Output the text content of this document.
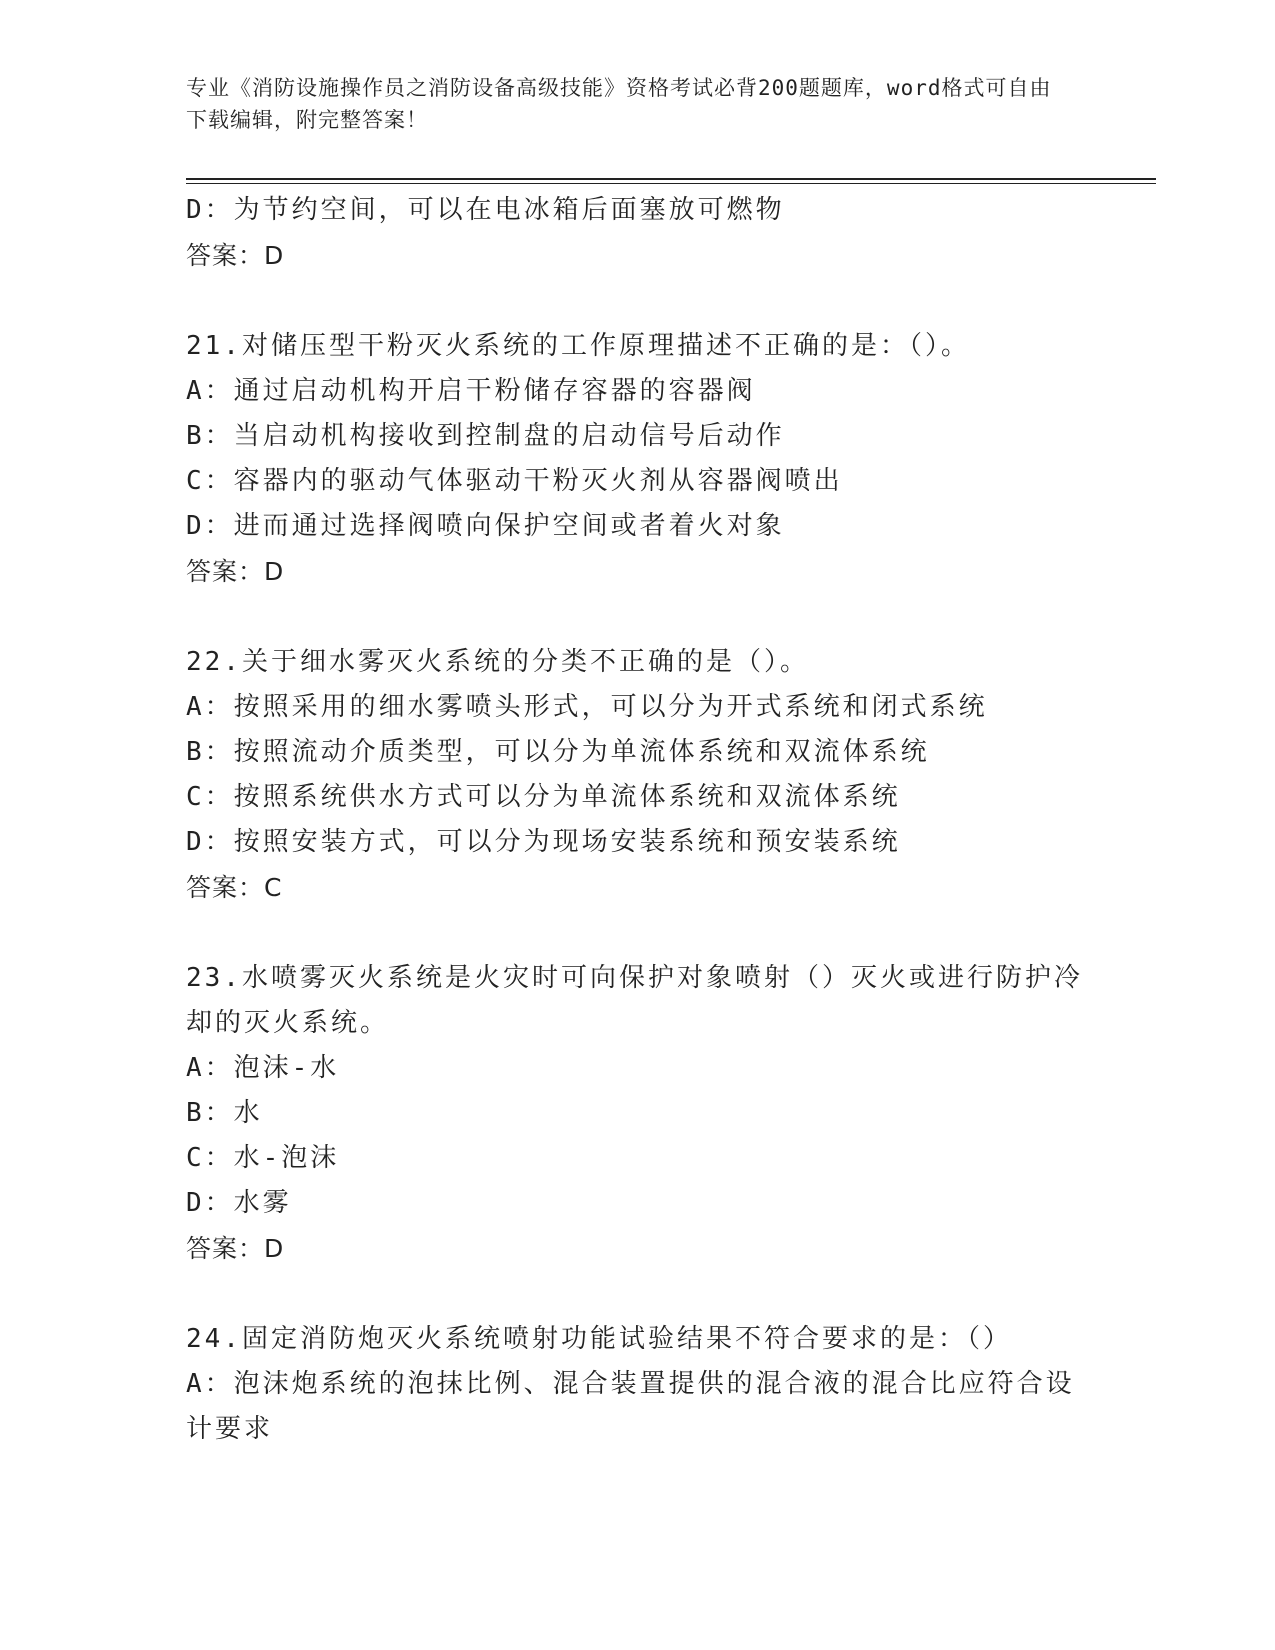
专业《消防设施操作员之消防设备高级技能》资格考试必背200题题库，word格式可自由下载编辑，附完整答案！
D：为节约空间，可以在电冰箱后面塞放可燃物
答案：D
21.对储压型干粉灭火系统的工作原理描述不正确的是：（）。
A：通过启动机构开启干粉储存容器的容器阀
B：当启动机构接收到控制盘的启动信号后动作
C：容器内的驱动气体驱动干粉灭火剂从容器阀喷出
D：进而通过选择阀喷向保护空间或者着火对象
答案：D
22.关于细水雾灭火系统的分类不正确的是（）。
A：按照采用的细水雾喷头形式，可以分为开式系统和闭式系统
B：按照流动介质类型，可以分为单流体系统和双流体系统
C：按照系统供水方式可以分为单流体系统和双流体系统
D：按照安装方式，可以分为现场安装系统和预安装系统
答案：C
23.水喷雾灭火系统是火灾时可向保护对象喷射（）灭火或进行防护冷却的灭火系统。
A：泡沫-水
B：水
C：水-泡沫
D：水雾
答案：D
24.固定消防炮灭火系统喷射功能试验结果不符合要求的是：（）
A：泡沫炮系统的泡抹比例、混合装置提供的混合液的混合比应符合设计要求
